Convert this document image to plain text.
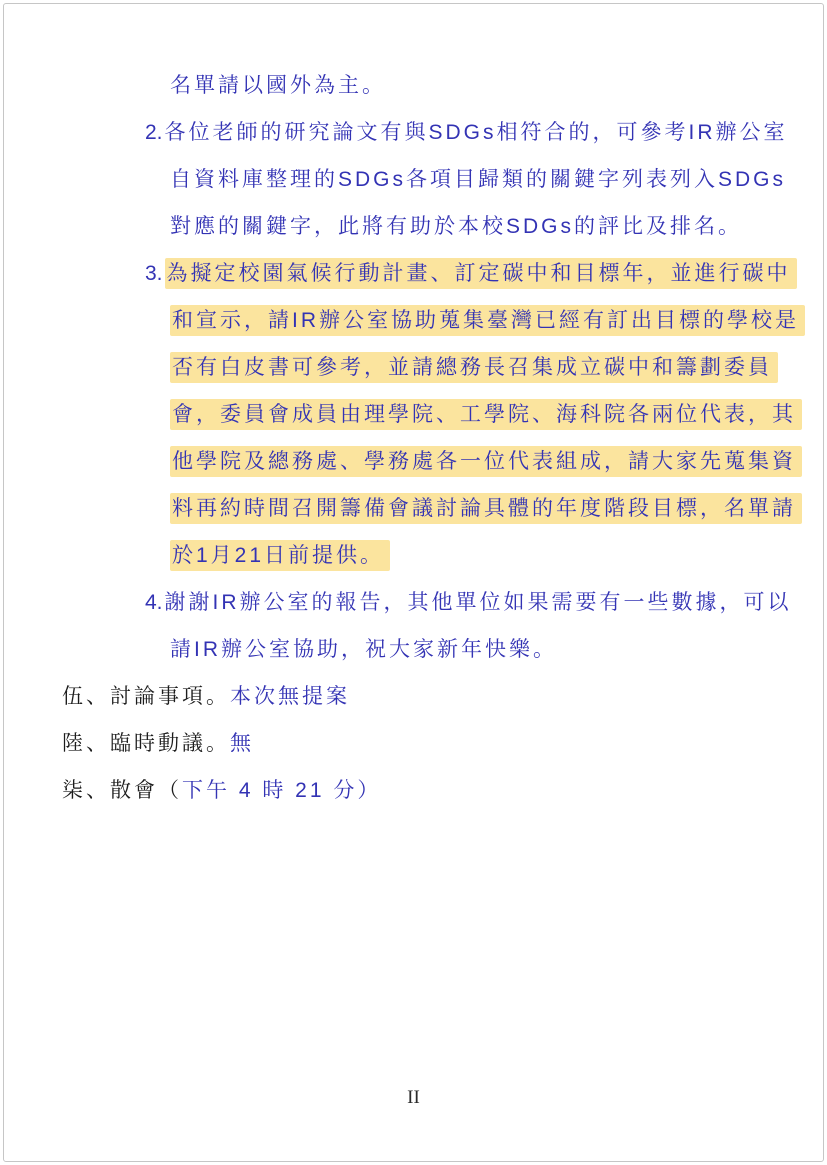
名單請以國外為主。
2.各位老師的研究論文有與SDGs相符合的，可參考IR辦公室
自資料庫整理的SDGs各項目歸類的關鍵字列表列入SDGs
對應的關鍵字，此將有助於本校SDGs的評比及排名。
3. 為擬定校園氣候行動計畫、訂定碳中和目標年，並進行碳中
和宣示，請IR辦公室協助蒐集臺灣已經有訂出目標的學校是
否有白皮書可參考，並請總務長召集成立碳中和籌劃委員
會，委員會成員由理學院、工學院、海科院各兩位代表，其
他學院及總務處、學務處各一位代表組成，請大家先蒐集資
料再約時間召開籌備會議討論具體的年度階段目標，名單請
於1月21日前提供。
4.謝謝IR辦公室的報告，其他單位如果需要有一些數據，可以
請IR辦公室協助，祝大家新年快樂。
伍、討論事項。本次無提案
陸、臨時動議。無
柒、散會（下午 4 時 21 分）
II
